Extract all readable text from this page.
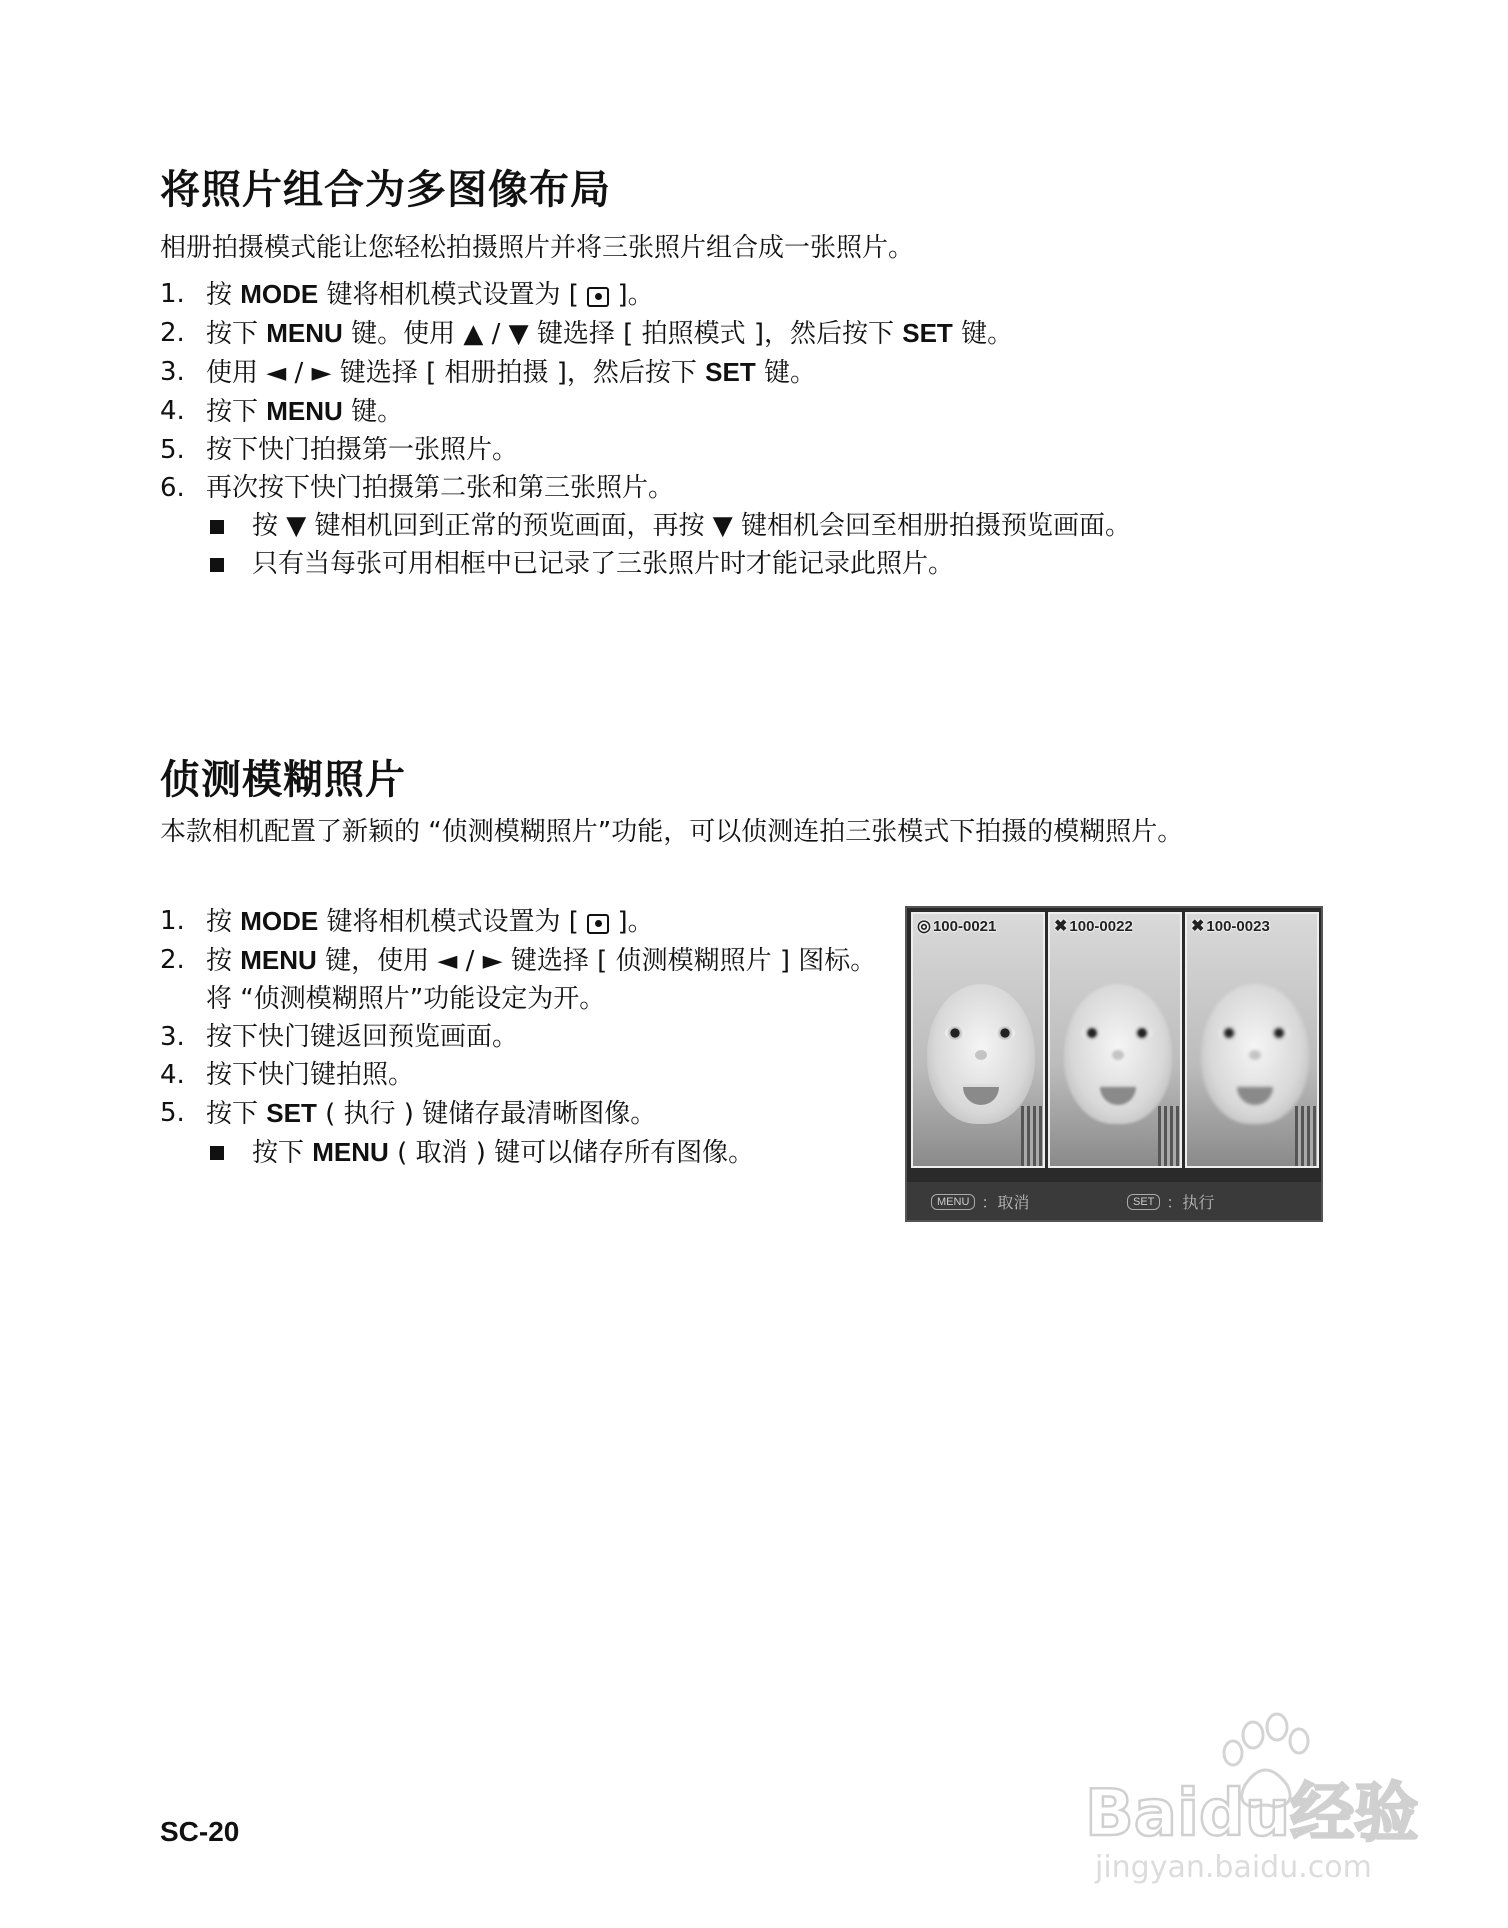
将照片组合为多图像布局

相册拍摄模式能让您轻松拍摄照片并将三张照片组合成一张照片。

1. 按 MODE 键将相机模式设置为 [  ]。
2. 按下 MENU 键。使用 ▲ / ▼ 键选择 [ 拍照模式 ]，然后按下 SET 键。
3. 使用 ◄ / ► 键选择 [ 相册拍摄 ]，然后按下 SET 键。
4. 按下 MENU 键。
5. 按下快门拍摄第一张照片。
6. 再次按下快门拍摄第二张和第三张照片。
按 ▼ 键相机回到正常的预览画面，再按 ▼ 键相机会回至相册拍摄预览画面。
只有当每张可用相框中已记录了三张照片时才能记录此照片。
侦测模糊照片

本款相机配置了新颖的 “侦测模糊照片”功能，可以侦测连拍三张模式下拍摄的模糊照片。

1. 按 MODE 键将相机模式设置为 [  ]。
2. 按 MENU 键，使用 ◄ / ► 键选择 [ 侦测模糊照片 ] 图标。将 “侦测模糊照片”功能设定为开。
3. 按下快门键返回预览画面。
4. 按下快门键拍照。
5. 按下 SET ( 执行 ) 键储存最清晰图像。
按下 MENU ( 取消 ) 键可以储存所有图像。
◎ 100-0021	✖ 100-0022	✖ 100-0023
MENU ：取消	SET ：执行

SC-20	Baidu经验
jingyan.baidu.com
